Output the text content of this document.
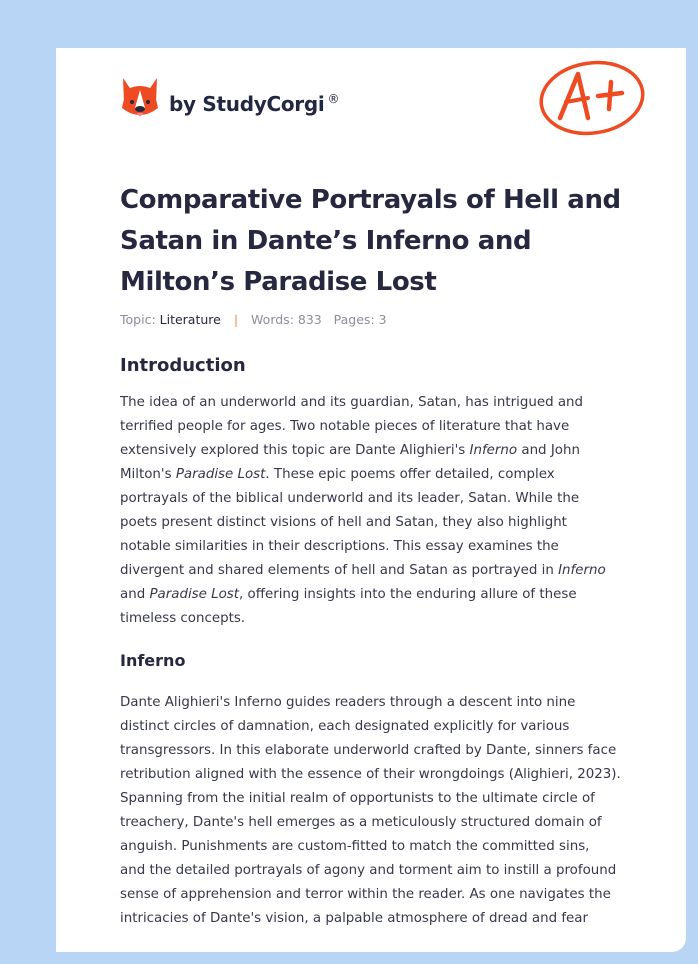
by StudyCorgi ®
Comparative Portrayals of Hell and Satan in Dante’s Inferno and Milton’s Paradise Lost
Topic: Literature | Words: 833 Pages: 3
Introduction
The idea of an underworld and its guardian, Satan, has intrigued and
terrified people for ages. Two notable pieces of literature that have
extensively explored this topic are Dante Alighieri's Inferno and John
Milton's Paradise Lost. These epic poems offer detailed, complex
portrayals of the biblical underworld and its leader, Satan. While the
poets present distinct visions of hell and Satan, they also highlight
notable similarities in their descriptions. This essay examines the
divergent and shared elements of hell and Satan as portrayed in Inferno
and Paradise Lost, offering insights into the enduring allure of these
timeless concepts.
Inferno
Dante Alighieri's Inferno guides readers through a descent into nine
distinct circles of damnation, each designated explicitly for various
transgressors. In this elaborate underworld crafted by Dante, sinners face
retribution aligned with the essence of their wrongdoings (Alighieri, 2023).
Spanning from the initial realm of opportunists to the ultimate circle of
treachery, Dante's hell emerges as a meticulously structured domain of
anguish. Punishments are custom-fitted to match the committed sins,
and the detailed portrayals of agony and torment aim to instill a profound
sense of apprehension and terror within the reader. As one navigates the
intricacies of Dante's vision, a palpable atmosphere of dread and fear
